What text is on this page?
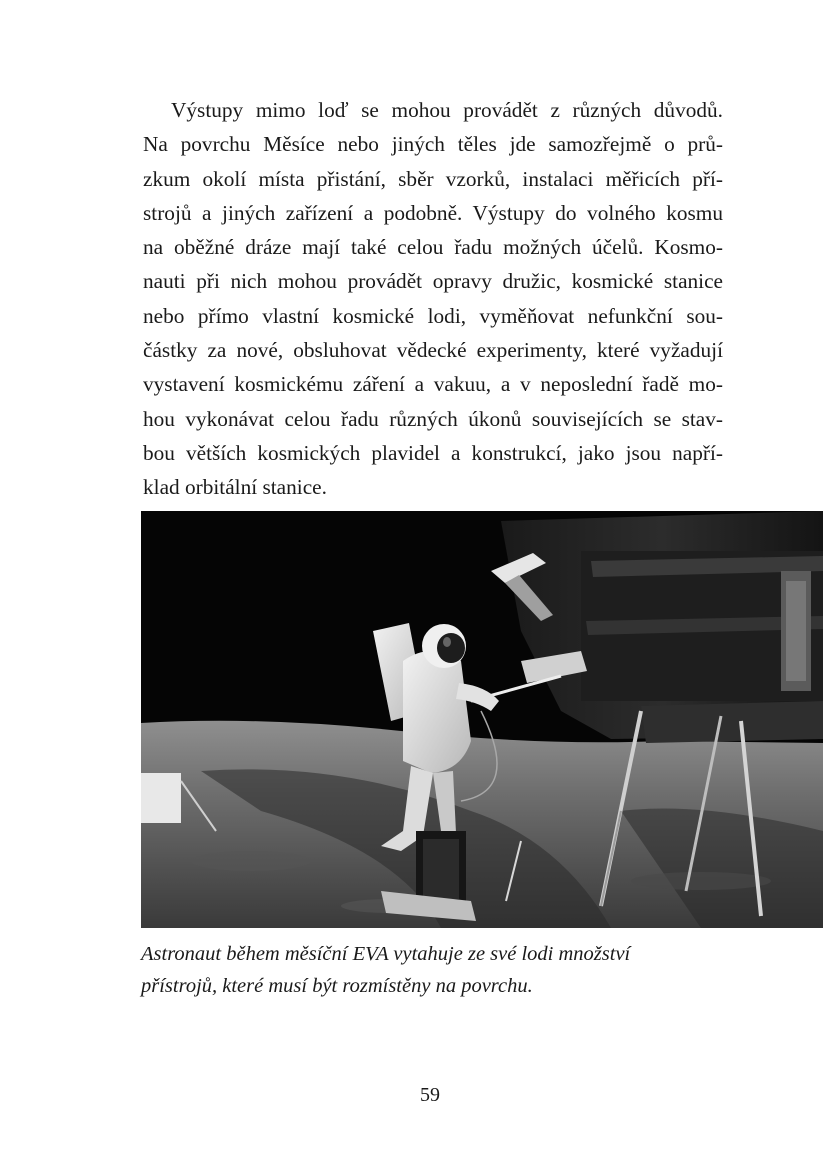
Výstupy mimo loď se mohou provádět z různých důvodů.
Na povrchu Měsíce nebo jiných těles jde samozřejmě o prů-
zkum okolí místa přistání, sběr vzorků, instalaci měřicích pří-
strojů a jiných zařízení a podobně. Výstupy do volného kosmu
na oběžné dráze mají také celou řadu možných účelů. Kosmo-
nauti při nich mohou provádět opravy družic, kosmické stanice
nebo přímo vlastní kosmické lodi, vyměňovat nefunkční sou-
částky za nové, obsluhovat vědecké experimenty, které vyžadují
vystavení kosmickému záření a vakuu, a v neposlední řadě mo-
hou vykonávat celou řadu různých úkonů souvisejících se stav-
bou větších kosmických plavidel a konstrukcí, jako jsou napří-
klad orbitální stanice.

Astronaut během měsíční EVA vytahuje ze své lodi množství
přístrojů, které musí být rozmístěny na povrchu.

59
